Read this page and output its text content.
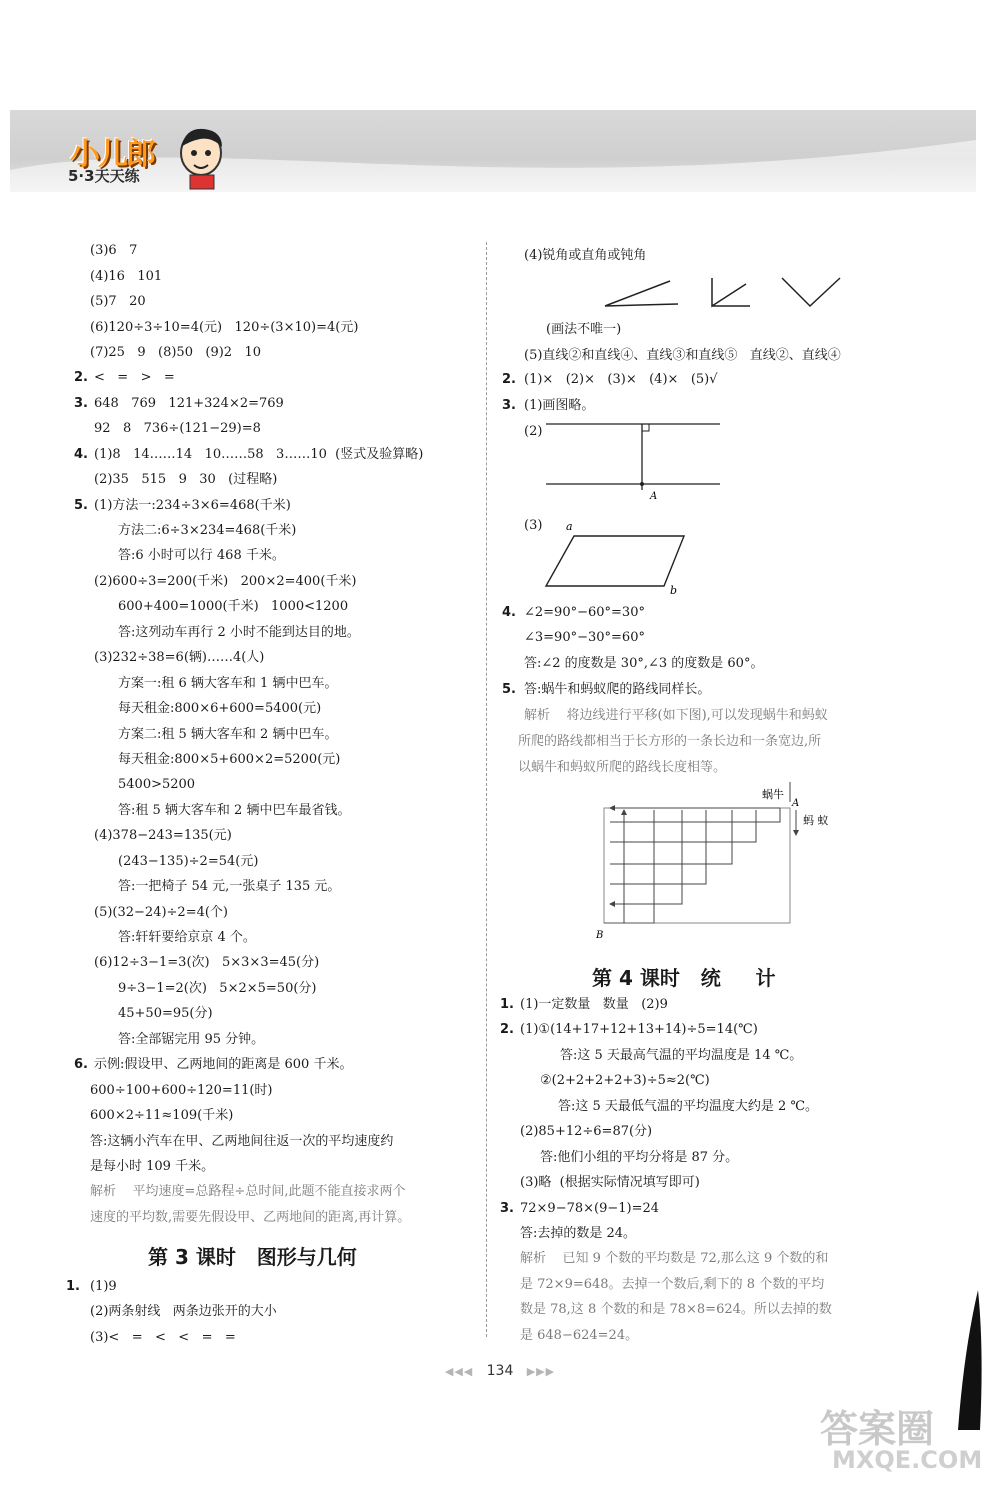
小儿郎
5·3天天练
(3)6   7
(4)16   101
(5)7   20
(6)120÷3÷10=4(元)   120÷(3×10)=4(元)
(7)25   9   (8)50   (9)2   10
2. <   =   >   =
3. 648   769   121+324×2=769
92   8   736÷(121−29)=8
4. (1)8   14……14   10……58   3……10  (竖式及验算略)
(2)35   515   9   30   (过程略)
5. (1)方法一:234÷3×6=468(千米)
方法二:6÷3×234=468(千米)
答:6 小时可以行 468 千米。
(2)600÷3=200(千米)   200×2=400(千米)
600+400=1000(千米)   1000<1200
答:这列动车再行 2 小时不能到达目的地。
(3)232÷38=6(辆)……4(人)
方案一:租 6 辆大客车和 1 辆中巴车。
每天租金:800×6+600=5400(元)
方案二:租 5 辆大客车和 2 辆中巴车。
每天租金:800×5+600×2=5200(元)
5400>5200
答:租 5 辆大客车和 2 辆中巴车最省钱。
(4)378−243=135(元)
(243−135)÷2=54(元)
答:一把椅子 54 元,一张桌子 135 元。
(5)(32−24)÷2=4(个)
答:轩轩要给京京 4 个。
(6)12÷3−1=3(次)   5×3×3=45(分)
9÷3−1=2(次)   5×2×5=50(分)
45+50=95(分)
答:全部锯完用 95 分钟。
6. 示例:假设甲、乙两地间的距离是 600 千米。
600÷100+600÷120=11(时)
600×2÷11≈109(千米)
答:这辆小汽车在甲、乙两地间往返一次的平均速度约
是每小时 109 千米。
解析    平均速度=总路程÷总时间,此题不能直接求两个
速度的平均数,需要先假设甲、乙两地间的距离,再计算。
第 3 课时   图形与几何
1. (1)9
(2)两条射线   两条边张开的大小
(3)<   =   <   <   =   =
(4)锐角或直角或钝角
(画法不唯一)
(5)直线②和直线④、直线③和直线⑤   直线②、直线④
2. (1)×   (2)×   (3)×   (4)×   (5)√
3. (1)画图略。
(2)
A
(3) a
b
4. ∠2=90°−60°=30°
∠3=90°−30°=60°
答:∠2 的度数是 30°,∠3 的度数是 60°。
5. 答:蜗牛和蚂蚁爬的路线同样长。
解析    将边线进行平移(如下图),可以发现蜗牛和蚂蚁
所爬的路线都相当于长方形的一条长边和一条宽边,所
以蜗牛和蚂蚁所爬的路线长度相等。
蜗牛
A
蚂 蚁
B
第 4 课时   统     计
1. (1)一定数量   数量   (2)9
2. (1)①(14+17+12+13+14)÷5=14(℃)
答:这 5 天最高气温的平均温度是 14 ℃。
②(2+2+2+2+3)÷5≈2(℃)
答:这 5 天最低气温的平均温度大约是 2 ℃。
(2)85+12÷6=87(分)
答:他们小组的平均分将是 87 分。
(3)略  (根据实际情况填写即可)
3. 72×9−78×(9−1)=24
答:去掉的数是 24。
解析    已知 9 个数的平均数是 72,那么这 9 个数的和
是 72×9=648。去掉一个数后,剩下的 8 个数的平均
数是 78,这 8 个数的和是 78×8=624。所以去掉的数
是 648−624=24。
◀◀◀ 134 ▶▶▶
答案圈
MXQE.COM
